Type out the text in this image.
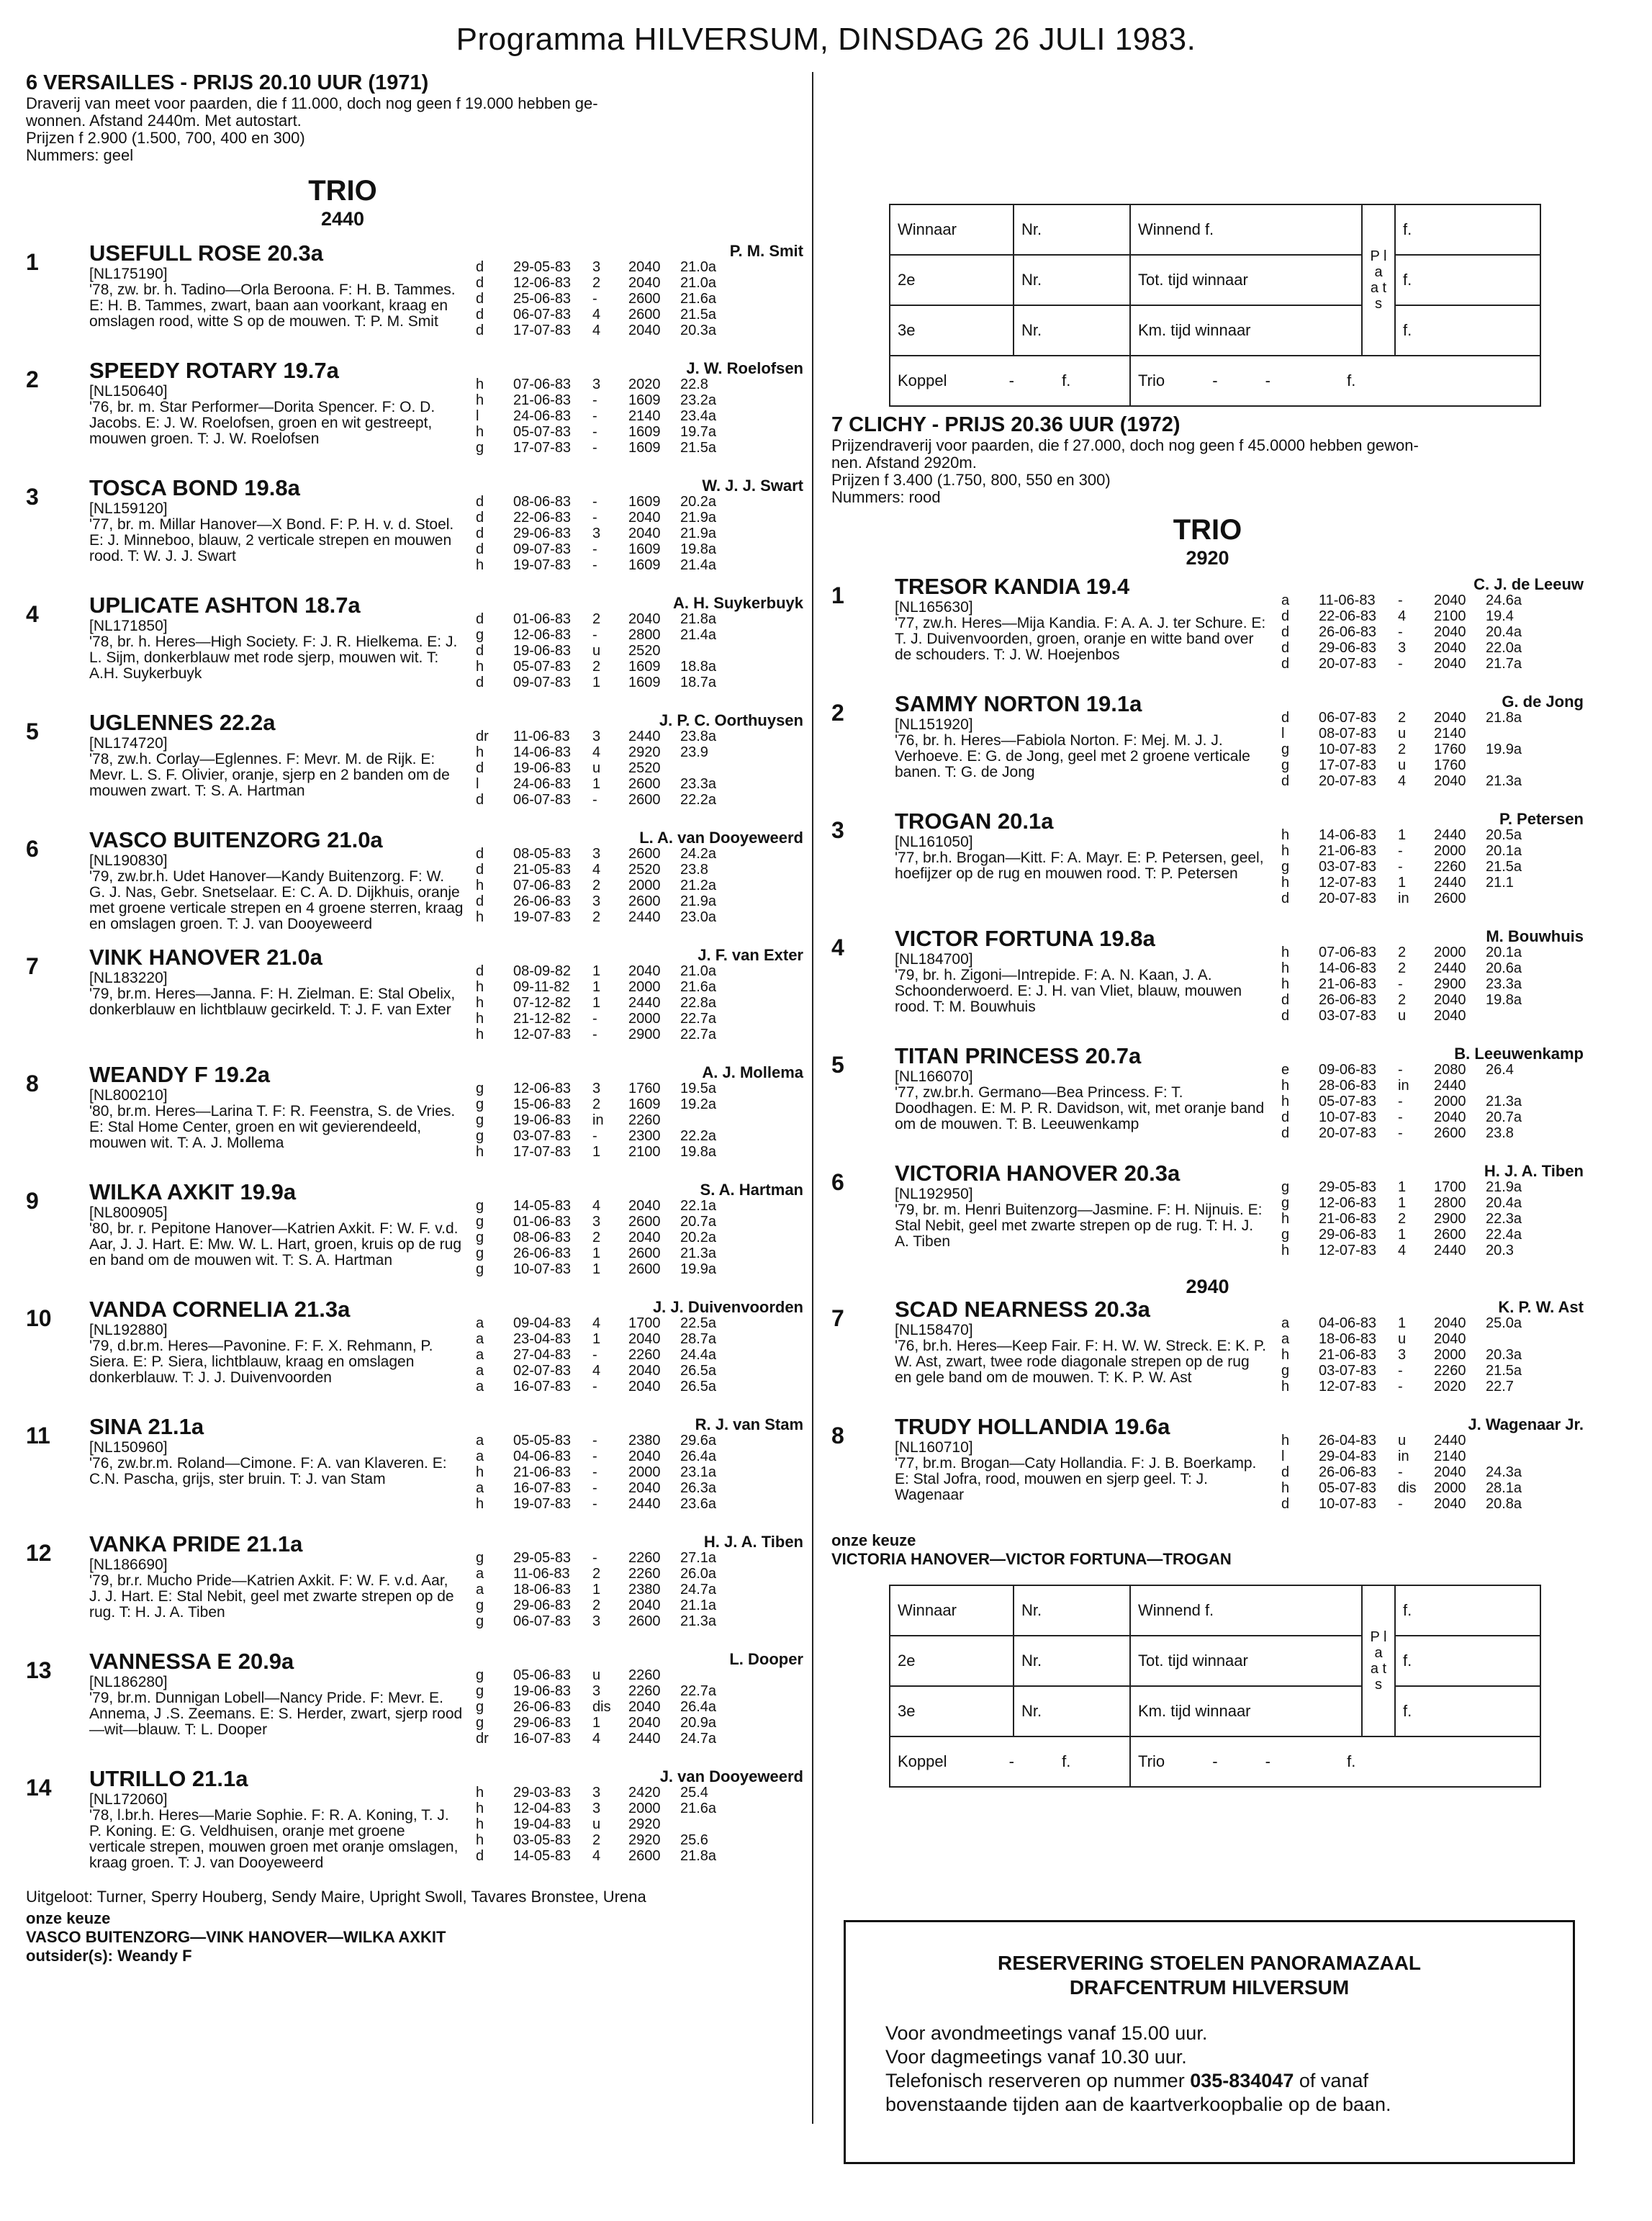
Programma HILVERSUM, DINSDAG 26 JULI 1983.
6 VERSAILLES - PRIJS 20.10 UUR (1971)
Draverij van meet voor paarden, die f 11.000, doch nog geen f 19.000 hebben ge-
wonnen. Afstand 2440m. Met autostart.
Prijzen f 2.900 (1.500, 700, 400 en 300)
Nummers: geel
TRIO
2440
1	USEFULL ROSE 20.3a	P. M. Smit
[NL175190]
'78, zw. br. h. Tadino—Orla Beroona. F: H. B. Tammes. E: H. B. Tammes, zwart, baan aan voorkant, kraag en omslagen rood, witte S op de mouwen. T: P. M. Smit
d	29-05-83	3	2040	21.0a
d	12-06-83	2	2040	21.0a
d	25-06-83	-	2600	21.6a
d	06-07-83	4	2600	21.5a
d	17-07-83	4	2040	20.3a
2	SPEEDY ROTARY 19.7a	J. W. Roelofsen
[NL150640]
'76, br. m. Star Performer—Dorita Spencer. F: O. D. Jacobs. E: J. W. Roelofsen, groen en wit gestreept, mouwen groen. T: J. W. Roelofsen
h	07-06-83	3	2020	22.8
h	21-06-83	-	1609	23.2a
l	24-06-83	-	2140	23.4a
h	05-07-83	-	1609	19.7a
g	17-07-83	-	1609	21.5a
3	TOSCA BOND 19.8a	W. J. J. Swart
[NL159120]
'77, br. m. Millar Hanover—X Bond. F: P. H. v. d. Stoel. E: J. Minneboo, blauw, 2 verticale strepen en mouwen rood. T: W. J. J. Swart
d	08-06-83	-	1609	20.2a
d	22-06-83	-	2040	21.9a
d	29-06-83	3	2040	21.9a
d	09-07-83	-	1609	19.8a
h	19-07-83	-	1609	21.4a
4	UPLICATE ASHTON 18.7a	A. H. Suykerbuyk
[NL171850]
'78, br. h. Heres—High Society. F: J. R. Hielkema. E: J. L. Sijm, donkerblauw met rode sjerp, mouwen wit. T: A.H. Suykerbuyk
d	01-06-83	2	2040	21.8a
g	12-06-83	-	2800	21.4a
d	19-06-83	u	2520
h	05-07-83	2	1609	18.8a
d	09-07-83	1	1609	18.7a
5	UGLENNES 22.2a	J. P. C. Oorthuysen
[NL174720]
'78, zw.h. Corlay—Eglennes. F: Mevr. M. de Rijk. E: Mevr. L. S. F. Olivier, oranje, sjerp en 2 banden om de mouwen zwart. T: S. A. Hartman
dr	11-06-83	3	2440	23.8a
h	14-06-83	4	2920	23.9
d	19-06-83	u	2520
l	24-06-83	1	2600	23.3a
d	06-07-83	-	2600	22.2a
6	VASCO BUITENZORG 21.0a	L. A. van Dooyeweerd
[NL190830]
'79, zw.br.h. Udet Hanover—Kandy Buitenzorg. F: W. G. J. Nas, Gebr. Snetselaar. E: C. A. D. Dijkhuis, oranje met groene verticale strepen en 4 groene sterren, kraag en omslagen groen. T: J. van Dooyeweerd
d	08-05-83	3	2600	24.2a
d	21-05-83	4	2520	23.8
h	07-06-83	2	2000	21.2a
d	26-06-83	3	2600	21.9a
h	19-07-83	2	2440	23.0a
7	VINK HANOVER 21.0a	J. F. van Exter
[NL183220]
'79, br.m. Heres—Janna. F: H. Zielman. E: Stal Obelix, donkerblauw en lichtblauw gecirkeld. T: J. F. van Exter
d	08-09-82	1	2040	21.0a
h	09-11-82	1	2000	21.6a
h	07-12-82	1	2440	22.8a
h	21-12-82	-	2000	22.7a
h	12-07-83	-	2900	22.7a
8	WEANDY F 19.2a	A. J. Mollema
[NL800210]
'80, br.m. Heres—Larina T. F: R. Feenstra, S. de Vries. E: Stal Home Center, groen en wit gevierendeeld, mouwen wit. T: A. J. Mollema
g	12-06-83	3	1760	19.5a
g	15-06-83	2	1609	19.2a
g	19-06-83	in	2260
g	03-07-83	-	2300	22.2a
h	17-07-83	1	2100	19.8a
9	WILKA AXKIT 19.9a	S. A. Hartman
[NL800905]
'80, br. r. Pepitone Hanover—Katrien Axkit. F: W. F. v.d. Aar, J. J. Hart. E: Mw. W. L. Hart, groen, kruis op de rug en band om de mouwen wit. T: S. A. Hartman
g	14-05-83	4	2040	22.1a
g	01-06-83	3	2600	20.7a
g	08-06-83	2	2040	20.2a
g	26-06-83	1	2600	21.3a
g	10-07-83	1	2600	19.9a
10	VANDA CORNELIA 21.3a	J. J. Duivenvoorden
[NL192880]
'79, d.br.m. Heres—Pavonine. F: F. X. Rehmann, P. Siera. E: P. Siera, lichtblauw, kraag en omslagen donkerblauw. T: J. J. Duivenvoorden
a	09-04-83	4	1700	22.5a
a	23-04-83	1	2040	28.7a
a	27-04-83	-	2260	24.4a
a	02-07-83	4	2040	26.5a
a	16-07-83	-	2040	26.5a
11	SINA 21.1a	R. J. van Stam
[NL150960]
'76, zw.br.m. Roland—Cimone. F: A. van Klaveren. E: C.N. Pascha, grijs, ster bruin. T: J. van Stam
a	05-05-83	-	2380	29.6a
a	04-06-83	-	2040	26.4a
h	21-06-83	-	2000	23.1a
a	16-07-83	-	2040	26.3a
h	19-07-83	-	2440	23.6a
12	VANKA PRIDE 21.1a	H. J. A. Tiben
[NL186690]
'79, br.r. Mucho Pride—Katrien Axkit. F: W. F. v.d. Aar, J. J. Hart. E: Stal Nebit, geel met zwarte strepen op de rug. T: H. J. A. Tiben
g	29-05-83	-	2260	27.1a
a	11-06-83	2	2260	26.0a
a	18-06-83	1	2380	24.7a
g	29-06-83	2	2040	21.1a
g	06-07-83	3	2600	21.3a
13	VANNESSA E 20.9a	L. Dooper
[NL186280]
'79, br.m. Dunnigan Lobell—Nancy Pride. F: Mevr. E. Annema, J .S. Zeemans. E: S. Herder, zwart, sjerp rood—wit—blauw. T: L. Dooper
g	05-06-83	u	2260
g	19-06-83	3	2260	22.7a
g	26-06-83	dis	2040	26.4a
g	29-06-83	1	2040	20.9a
dr	16-07-83	4	2440	24.7a
14	UTRILLO 21.1a	J. van Dooyeweerd
[NL172060]
'78, l.br.h. Heres—Marie Sophie. F: R. A. Koning, T. J. P. Koning. E: G. Veldhuisen, oranje met groene verticale strepen, mouwen groen met oranje omslagen, kraag groen. T: J. van Dooyeweerd
h	29-03-83	3	2420	25.4
h	12-04-83	3	2000	21.6a
h	19-04-83	u	2920
h	03-05-83	2	2920	25.6
d	14-05-83	4	2600	21.8a
Uitgeloot: Turner, Sperry Houberg, Sendy Maire, Upright Swoll, Tavares Bronstee, Urena
onze keuze
VASCO BUITENZORG—VINK HANOVER—WILKA AXKIT
outsider(s): Weandy F
Winnaar	Nr.	Winnend f.	P l a a t s	f.
2e	Nr.	Tot. tijd winnaar		f.
3e	Nr.	Km. tijd winnaar		f.
Koppel - f.		Trio - - f.		
7 CLICHY - PRIJS 20.36 UUR (1972)
Prijzendraverij voor paarden, die f 27.000, doch nog geen f 45.0000 hebben gewon-
nen. Afstand 2920m.
Prijzen f 3.400 (1.750, 800, 550 en 300)
Nummers: rood
TRIO
2920
1	TRESOR KANDIA 19.4	C. J. de Leeuw
[NL165630]
'77, zw.h. Heres—Mija Kandia. F: A. A. J. ter Schure. E: T. J. Duivenvoorden, groen, oranje en witte band over de schouders. T: J. W. Hoejenbos
a	11-06-83	-	2040	24.6a
d	22-06-83	4	2100	19.4
d	26-06-83	-	2040	20.4a
d	29-06-83	3	2040	22.0a
d	20-07-83	-	2040	21.7a
2	SAMMY NORTON 19.1a	G. de Jong
[NL151920]
'76, br. h. Heres—Fabiola Norton. F: Mej. M. J. J. Verhoeve. E: G. de Jong, geel met 2 groene verticale banen. T: G. de Jong
d	06-07-83	2	2040	21.8a
l	08-07-83	u	2140
g	10-07-83	2	1760	19.9a
g	17-07-83	u	1760
d	20-07-83	4	2040	21.3a
3	TROGAN 20.1a	P. Petersen
[NL161050]
'77, br.h. Brogan—Kitt. F: A. Mayr. E: P. Petersen, geel, hoefijzer op de rug en mouwen rood. T: P. Petersen
h	14-06-83	1	2440	20.5a
h	21-06-83	-	2000	20.1a
g	03-07-83	-	2260	21.5a
h	12-07-83	1	2440	21.1
d	20-07-83	in	2600
4	VICTOR FORTUNA 19.8a	M. Bouwhuis
[NL184700]
'79, br. h. Zigoni—Intrepide. F: A. N. Kaan, J. A. Schoonderwoerd. E: J. H. van Vliet, blauw, mouwen rood. T: M. Bouwhuis
h	07-06-83	2	2000	20.1a
h	14-06-83	2	2440	20.6a
h	21-06-83	-	2900	23.3a
d	26-06-83	2	2040	19.8a
d	03-07-83	u	2040
5	TITAN PRINCESS 20.7a	B. Leeuwenkamp
[NL166070]
'77, zw.br.h. Germano—Bea Princess. F: T. Doodhagen. E: M. P. R. Davidson, wit, met oranje band om de mouwen. T: B. Leeuwenkamp
e	09-06-83	-	2080	26.4
h	28-06-83	in	2440
h	05-07-83	-	2000	21.3a
d	10-07-83	-	2040	20.7a
d	20-07-83	-	2600	23.8
6	VICTORIA HANOVER 20.3a	H. J. A. Tiben
[NL192950]
'79, br. m. Henri Buitenzorg—Jasmine. F: H. Nijnuis. E: Stal Nebit, geel met zwarte strepen op de rug. T: H. J. A. Tiben
g	29-05-83	1	1700	21.9a
g	12-06-83	1	2800	20.4a
h	21-06-83	2	2900	22.3a
g	29-06-83	1	2600	22.4a
h	12-07-83	4	2440	20.3
2940
7	SCAD NEARNESS 20.3a	K. P. W. Ast
[NL158470]
'76, br.h. Heres—Keep Fair. F: H. W. W. Streck. E: K. P. W. Ast, zwart, twee rode diagonale strepen op de rug en gele band om de mouwen. T: K. P. W. Ast
a	04-06-83	1	2040	25.0a
a	18-06-83	u	2040
h	21-06-83	3	2000	20.3a
g	03-07-83	-	2260	21.5a
h	12-07-83	-	2020	22.7
8	TRUDY HOLLANDIA 19.6a	J. Wagenaar Jr.
[NL160710]
'77, br.m. Brogan—Caty Hollandia. F: J. B. Boerkamp. E: Stal Jofra, rood, mouwen en sjerp geel. T: J. Wagenaar
h	26-04-83	u	2440
l	29-04-83	in	2140
d	26-06-83	-	2040	24.3a
h	05-07-83	dis	2000	28.1a
d	10-07-83	-	2040	20.8a
onze keuze
VICTORIA HANOVER—VICTOR FORTUNA—TROGAN
Winnaar	Nr.	Winnend f.	P l a a t s	f.
2e	Nr.	Tot. tijd winnaar		f.
3e	Nr.	Km. tijd winnaar		f.
Koppel - f.		Trio - - f.		
RESERVERING STOELEN PANORAMAZAAL
DRAFCENTRUM HILVERSUM
Voor avondmeetings vanaf 15.00 uur.
Voor dagmeetings vanaf 10.30 uur.
Telefonisch reserveren op nummer 035-834047 of vanaf
bovenstaande tijden aan de kaartverkoopbalie op de baan.
